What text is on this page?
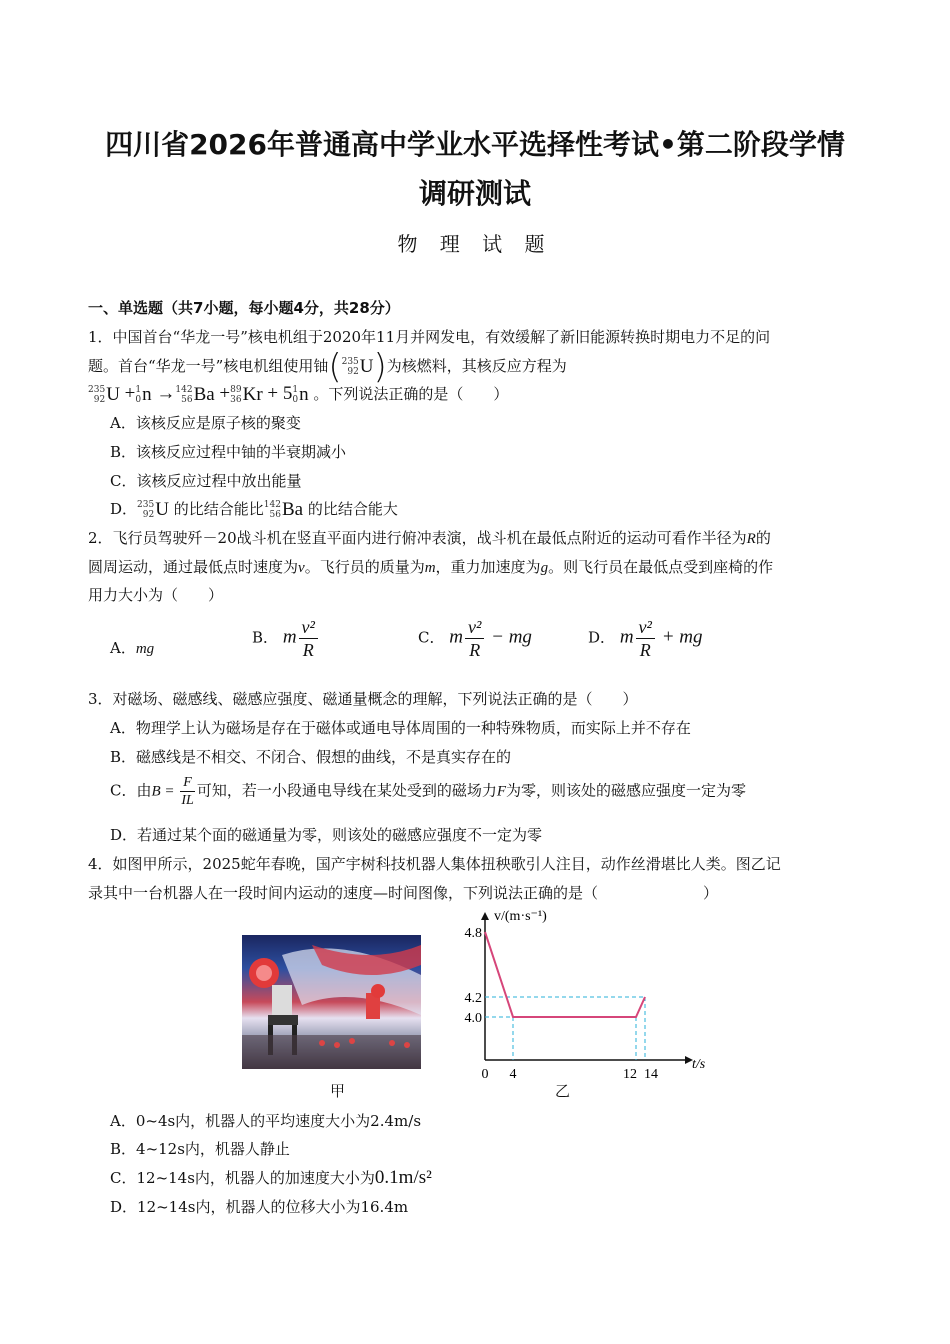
四川省2026年普通高中学业水平选择性考试•第二阶段学情
调研测试
物 理 试 题
一、单选题（共7小题，每小题4分，共28分）
1．中国首台“华龙一号”核电机组于2020年11月并网发电，有效缓解了新旧能源转换时期电力不足的问
题。首台“华龙一号”核电机组使用铀( 235
92 U )为核燃料，其核反应方程为
235
92 U + 1
0 n → 142
56 Ba + 89
36 Kr + 5 1
0 n 。下列说法正确的是（　　）
A．该核反应是原子核的聚变
B．该核反应过程中铀的半衰期减小
C．该核反应过程中放出能量
D． 235
92 U 的比结合能比 142
56 Ba 的比结合能大
2．飞行员驾驶歼－20战斗机在竖直平面内进行俯冲表演，战斗机在最低点附近的运动可看作半径为R的
圆周运动，通过最低点时速度为v。飞行员的质量为m，重力加速度为g。则飞行员在最低点受到座椅的作
用力大小为（　　）
A．mg
B． m $\frac{\text{v²}}{R}$	C． m $\frac{\text{v²}}{R}$ − mg	D． m $\frac{\text{v²}}{R}$ + mg
3．对磁场、磁感线、磁感应强度、磁通量概念的理解，下列说法正确的是（　　）
A．物理学上认为磁场是存在于磁体或通电导体周围的一种特殊物质，而实际上并不存在
B．磁感线是不相交、不闭合、假想的曲线，不是真实存在的
C．由$B = \frac{F}{IL}$ 可知，若一小段通电导线在某处受到的磁场力F为零，则该处的磁感应强度一定为零
D．若通过某个面的磁通量为零，则该处的磁感应强度不一定为零
4．如图甲所示，2025蛇年春晚，国产宇树科技机器人集体扭秧歌引人注目，动作丝滑堪比人类。图乙记
录其中一台机器人在一段时间内运动的速度—时间图像，下列说法正确的是（　　　　　　　）
0 4	12 14
4.0
4.2
4.8
t/s
v/(m·s⁻¹)
甲	乙
A．0~4s内，机器人的平均速度大小为2.4m/s
B．4~12s内，机器人静止
C．12~14s内，机器人的加速度大小为0.1m/s²
D．12~14s内，机器人的位移大小为16.4m
